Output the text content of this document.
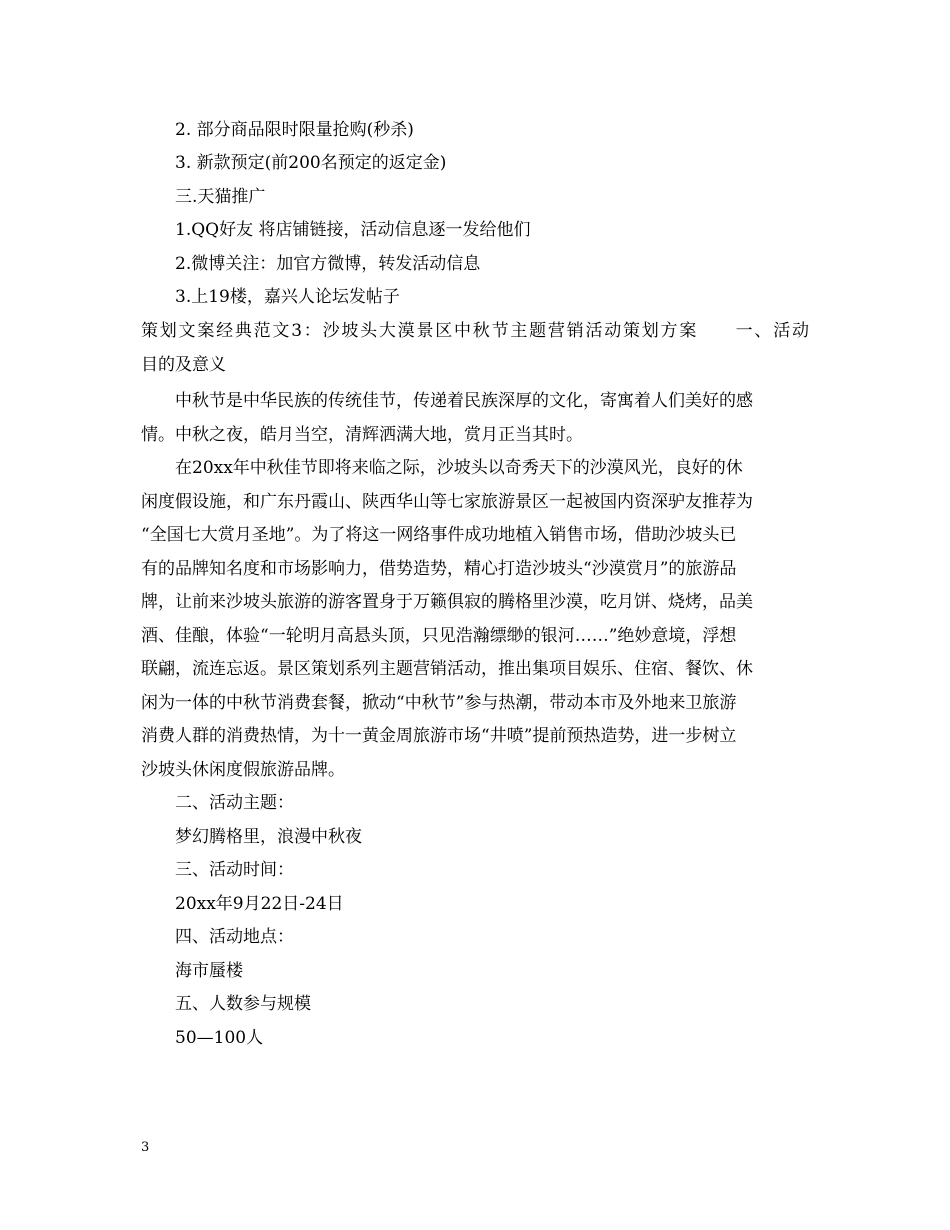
2. 部分商品限时限量抢购(秒杀)
3. 新款预定(前200名预定的返定金)
三.天猫推广
1.QQ好友 将店铺链接，活动信息逐一发给他们
2.微博关注：加官方微博，转发活动信息
3.上19楼，嘉兴人论坛发帖子
策划文案经典范文3：沙坡头大漠景区中秋节主题营销活动策划方案　　一、活动
目的及意义
中秋节是中华民族的传统佳节，传递着民族深厚的文化，寄寓着人们美好的感
情。中秋之夜，皓月当空，清辉洒满大地，赏月正当其时。
在20xx年中秋佳节即将来临之际，沙坡头以奇秀天下的沙漠风光，良好的休
闲度假设施，和广东丹霞山、陕西华山等七家旅游景区一起被国内资深驴友推荐为
“全国七大赏月圣地”。为了将这一网络事件成功地植入销售市场，借助沙坡头已
有的品牌知名度和市场影响力，借势造势，精心打造沙坡头“沙漠赏月”的旅游品
牌，让前来沙坡头旅游的游客置身于万籁俱寂的腾格里沙漠，吃月饼、烧烤，品美
酒、佳酿，体验“一轮明月高悬头顶，只见浩瀚缥缈的银河……”绝妙意境，浮想
联翩，流连忘返。景区策划系列主题营销活动，推出集项目娱乐、住宿、餐饮、休
闲为一体的中秋节消费套餐，掀动“中秋节”参与热潮，带动本市及外地来卫旅游
消费人群的消费热情，为十一黄金周旅游市场“井喷”提前预热造势，进一步树立
沙坡头休闲度假旅游品牌。
二、活动主题：
梦幻腾格里，浪漫中秋夜
三、活动时间：
20xx年9月22日-24日
四、活动地点：
海市蜃楼
五、人数参与规模
50—100人
3
